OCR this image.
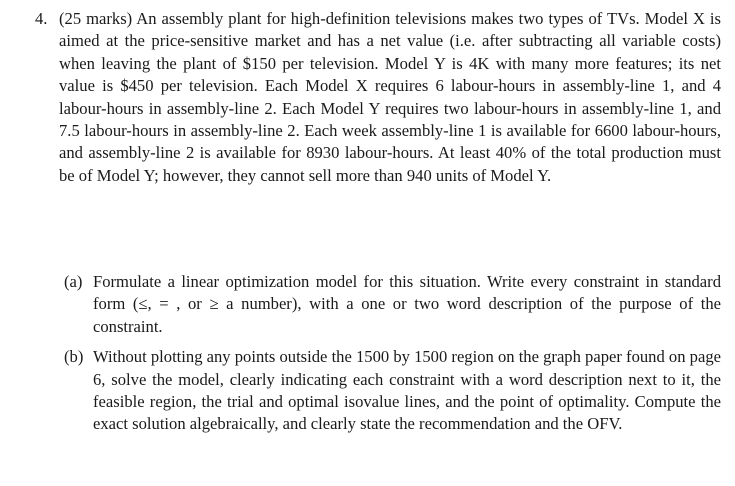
4. (25 marks) An assembly plant for high-definition televisions makes two types of TVs. Model X is aimed at the price-sensitive market and has a net value (i.e. after subtracting all variable costs) when leaving the plant of $150 per television. Model Y is 4K with many more features; its net value is $450 per television. Each Model X requires 6 labour-hours in assembly-line 1, and 4 labour-hours in assembly-line 2. Each Model Y requires two labour-hours in assembly-line 1, and 7.5 labour-hours in assembly-line 2. Each week assembly-line 1 is available for 6600 labour-hours, and assembly-line 2 is available for 8930 labour-hours. At least 40% of the total production must be of Model Y; however, they cannot sell more than 940 units of Model Y.
(a) Formulate a linear optimization model for this situation. Write every constraint in standard form (≤, = , or ≥ a number), with a one or two word description of the purpose of the constraint.
(b) Without plotting any points outside the 1500 by 1500 region on the graph paper found on page 6, solve the model, clearly indicating each constraint with a word description next to it, the feasible region, the trial and optimal isovalue lines, and the point of optimality. Compute the exact solution algebraically, and clearly state the recommendation and the OFV.
